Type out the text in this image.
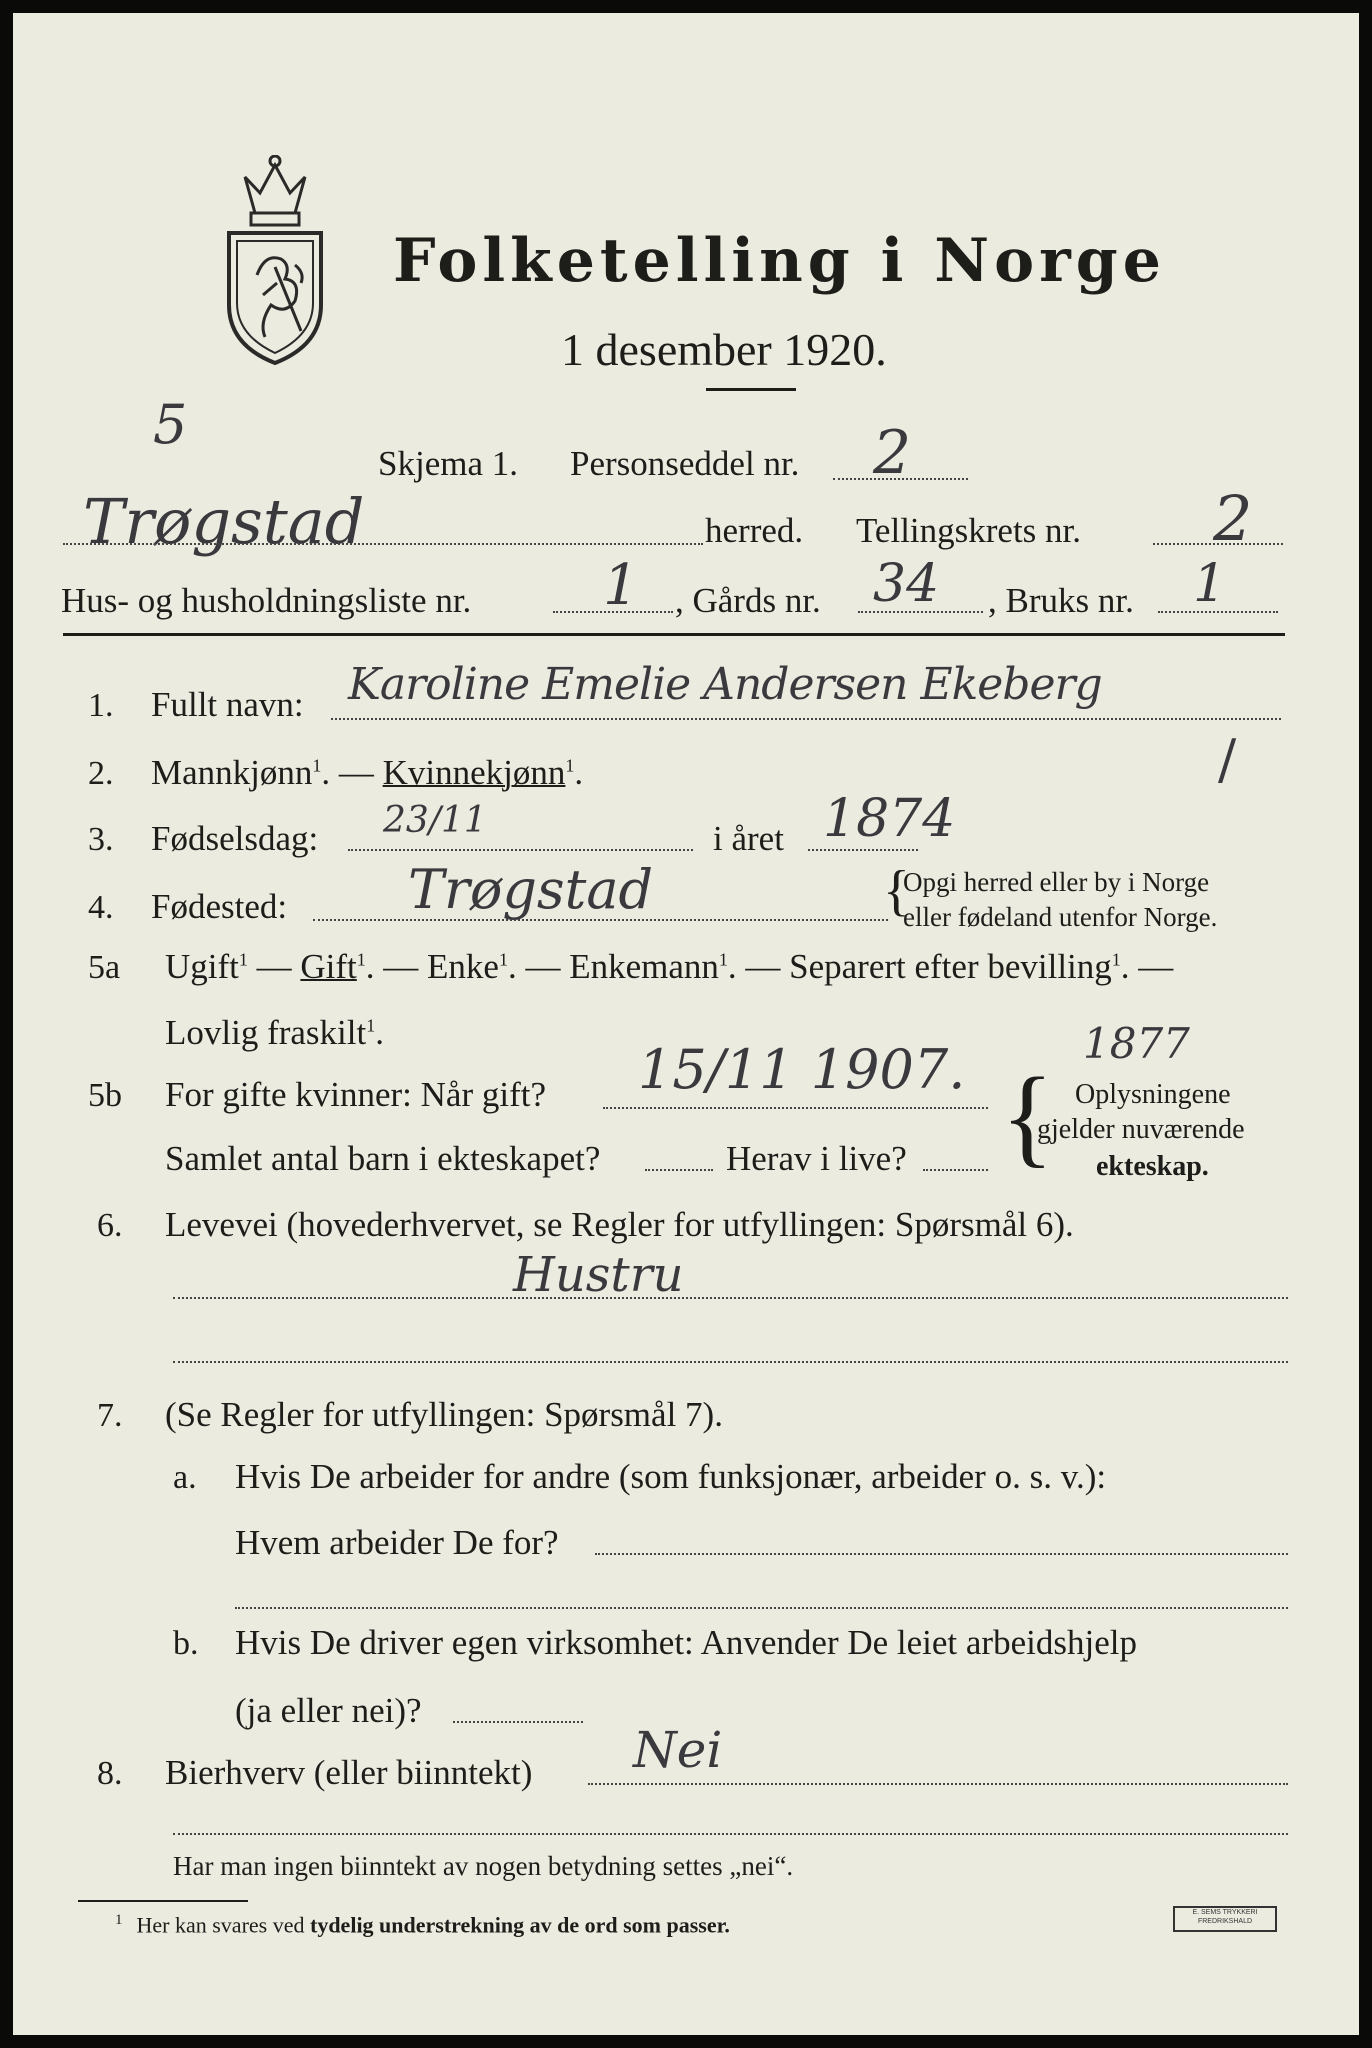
Folketelling i Norge
1 desember 1920.
5
Skjema 1. Personseddel nr. 2
Trøgstad	herred. Tellingskrets nr. 2
Hus- og husholdningsliste nr. 1 , Gårds nr. 34 , Bruks nr. 1
1. Fullt navn: Karoline Emelie Andersen Ekeberg
2. Mannkjønn$^1$. — Kvinnekjønn$^1$.	/
3. Fødselsdag: 23/11	i året 1874
4. Fødested: Trøgstad	{
Opgi herred eller by i Norge
eller fødeland utenfor Norge.
5a Ugift$^1$ — Gift$^1$. — Enke$^1$. — Enkemann$^1$. — Separert efter bevilling$^1$. —
Lovlig fraskilt$^1$.	1877
5b For gifte kvinner: Når gift? 15/11 1907.
Samlet antal barn i ekteskapet?	Herav i live? { Oplysningene
gjelder nuværende
ekteskap.
6. Levevei (hovederhvervet, se Regler for utfyllingen: Spørsmål 6).
Hustru
7. (Se Regler for utfyllingen: Spørsmål 7).
a. Hvis De arbeider for andre (som funksjonær, arbeider o. s. v.):
Hvem arbeider De for?
b. Hvis De driver egen virksomhet: Anvender De leiet arbeidshjelp
(ja eller nei)?
8. Bierhverv (eller biinntekt) Nei
Har man ingen biinntekt av nogen betydning settes „nei“.
$^1$ Her kan svares ved tydelig understrekning av de ord som passer.	E. SEMS TRYKKERI
FREDRIKSHALD
